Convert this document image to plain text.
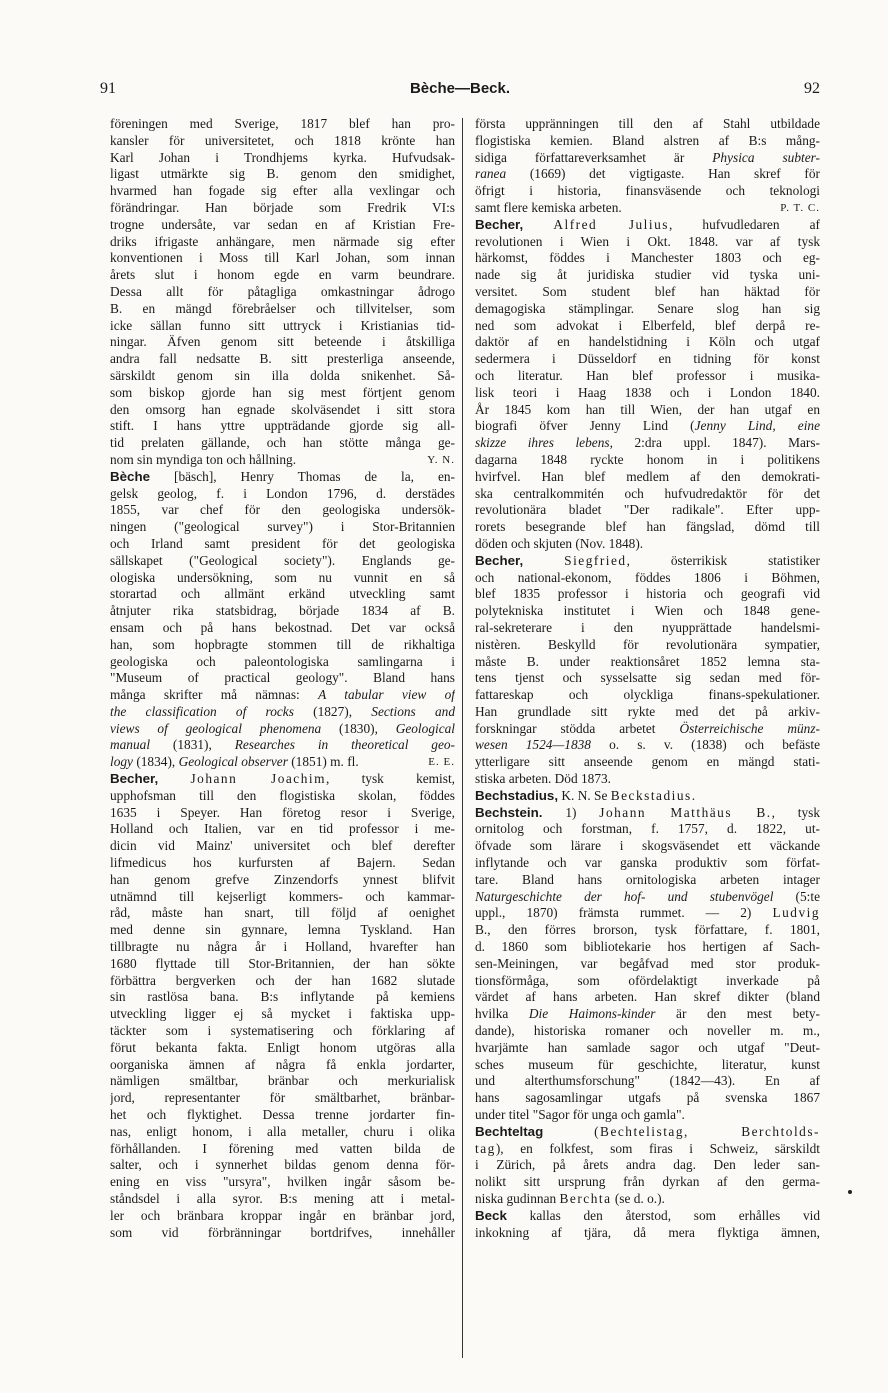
91	Bèche—Beck.	92
föreningen med Sverige, 1817 blef han pro-
kansler för universitetet, och 1818 krönte han
Karl Johan i Trondhjems kyrka. Hufvudsak-
ligast utmärkte sig B. genom den smidighet,
hvarmed han fogade sig efter alla vexlingar och
förändringar. Han började som Fredrik VI:s
trogne undersåte, var sedan en af Kristian Fre-
driks ifrigaste anhängare, men närmade sig efter
konventionen i Moss till Karl Johan, som innan
årets slut i honom egde en varm beundrare.
Dessa allt för påtagliga omkastningar ådrogo
B. en mängd förebråelser och tillvitelser, som
icke sällan funno sitt uttryck i Kristianias tid-
ningar. Äfven genom sitt beteende i åtskilliga
andra fall nedsatte B. sitt presterliga anseende,
särskildt genom sin illa dolda snikenhet. Så-
som biskop gjorde han sig mest förtjent genom
den omsorg han egnade skolväsendet i sitt stora
stift. I hans yttre uppträdande gjorde sig all-
tid prelaten gällande, och han stötte många ge-
nom sin myndiga ton och hållning.	Y. N.
Bèche [bäsch], Henry Thomas de la, en-
gelsk geolog, f. i London 1796, d. derstädes
1855, var chef för den geologiska undersök-
ningen ("geological survey") i Stor-Britannien
och Irland samt president för det geologiska
sällskapet ("Geological society"). Englands ge-
ologiska undersökning, som nu vunnit en så
storartad och allmänt erkänd utveckling samt
åtnjuter rika statsbidrag, började 1834 af B.
ensam och på hans bekostnad. Det var också
han, som hopbragte stommen till de rikhaltiga
geologiska och paleontologiska samlingarna i
"Museum of practical geology". Bland hans
många skrifter må nämnas: A tabular view of
the classification of rocks (1827), Sections and
views of geological phenomena (1830), Geological
manual (1831), Researches in theoretical geo-
logy (1834), Geological observer (1851) m. fl.	E. E.
Becher, Johann Joachim, tysk kemist,
upphofsman till den flogistiska skolan, föddes
1635 i Speyer. Han företog resor i Sverige,
Holland och Italien, var en tid professor i me-
dicin vid Mainz' universitet och blef derefter
lifmedicus hos kurfursten af Bajern. Sedan
han genom grefve Zinzendorfs ynnest blifvit
utnämnd till kejserligt kommers- och kammar-
råd, måste han snart, till följd af oenighet
med denne sin gynnare, lemna Tyskland. Han
tillbragte nu några år i Holland, hvarefter han
1680 flyttade till Stor-Britannien, der han sökte
förbättra bergverken och der han 1682 slutade
sin rastlösa bana. B:s inflytande på kemiens
utveckling ligger ej så mycket i faktiska upp-
täckter som i systematisering och förklaring af
förut bekanta fakta. Enligt honom utgöras alla
oorganiska ämnen af några få enkla jordarter,
nämligen smältbar, bränbar och merkurialisk
jord, representanter för smältbarhet, bränbar-
het och flyktighet. Dessa trenne jordarter fin-
nas, enligt honom, i alla metaller, churu i olika
förhållanden. I förening med vatten bilda de
salter, och i synnerhet bildas genom denna för-
ening en viss "ursyra", hvilken ingår såsom be-
ståndsdel i alla syror. B:s mening att i metal-
ler och bränbara kroppar ingår en bränbar jord,
som vid förbränningar bortdrifves, innehåller
första uppränningen till den af Stahl utbildade
flogistiska kemien. Bland alstren af B:s mång-
sidiga författareverksamhet är Physica subter-
ranea (1669) det vigtigaste. Han skref för
öfrigt i historia, finansväsende och teknologi
samt flere kemiska arbeten.	P. T. C.
Becher, Alfred Julius, hufvudledaren af
revolutionen i Wien i Okt. 1848. var af tysk
härkomst, föddes i Manchester 1803 och eg-
nade sig åt juridiska studier vid tyska uni-
versitet. Som student blef han häktad för
demagogiska stämplingar. Senare slog han sig
ned som advokat i Elberfeld, blef derpå re-
daktör af en handelstidning i Köln och utgaf
sedermera i Düsseldorf en tidning för konst
och literatur. Han blef professor i musika-
lisk teori i Haag 1838 och i London 1840.
År 1845 kom han till Wien, der han utgaf en
biografi öfver Jenny Lind (Jenny Lind, eine
skizze ihres lebens, 2:dra uppl. 1847). Mars-
dagarna 1848 ryckte honom in i politikens
hvirfvel. Han blef medlem af den demokrati-
ska centralkommitén och hufvudredaktör för det
revolutionära bladet "Der radikale". Efter upp-
rorets besegrande blef han fängslad, dömd till
döden och skjuten (Nov. 1848).
Becher,	Siegfried, österrikisk statistiker
och national-ekonom, föddes 1806 i Böhmen,
blef 1835 professor i historia och geografi vid
polytekniska institutet i Wien och 1848 gene-
ral-sekreterare i den nyupprättade handelsmi-
nistèren. Beskylld för revolutionära sympatier,
måste B. under reaktionsåret 1852 lemna sta-
tens tjenst och sysselsatte sig sedan med för-
fattareskap och olyckliga finans-spekulationer.
Han grundlade sitt rykte med det på arkiv-
forskningar stödda arbetet Österreichische münz-
wesen 1524—1838 o. s. v. (1838) och befäste
ytterligare sitt anseende genom en mängd stati-
stiska arbeten. Död 1873.
Bechstadius, K. N. Se Beckstadius.
Bechstein. 1) Johann Matthäus B., tysk
ornitolog och forstman, f. 1757, d. 1822, ut-
öfvade som lärare i skogsväsendet ett väckande
inflytande och var ganska produktiv som förfat-
tare. Bland hans ornitologiska arbeten intager
Naturgeschichte der hof- und stubenvögel (5:te
uppl., 1870) främsta rummet. — 2) Ludvig
B., den förres brorson, tysk författare, f. 1801,
d. 1860 som bibliotekarie hos hertigen af Sach-
sen-Meiningen, var begåfvad med stor produk-
tionsförmåga, som ofördelaktigt inverkade på
värdet af hans arbeten. Han skref dikter (bland
hvilka Die Haimons-kinder är den mest bety-
dande), historiska romaner och noveller m. m.,
hvarjämte han samlade sagor och utgaf "Deut-
sches museum für geschichte, literatur, kunst
und alterthumsforschung" (1842—43). En af
hans sagosamlingar utgafs på svenska 1867
under titel "Sagor för unga och gamla".
Bechteltag	(Bechtelistag, Berchtolds-
tag), en folkfest, som firas i Schweiz, särskildt
i Zürich, på årets andra dag. Den leder san-
nolikt sitt ursprung från dyrkan af den germa-
niska gudinnan Berchta (se d. o.).
Beck kallas den återstod, som erhålles vid
inkokning af tjära, då mera flyktiga ämnen,
